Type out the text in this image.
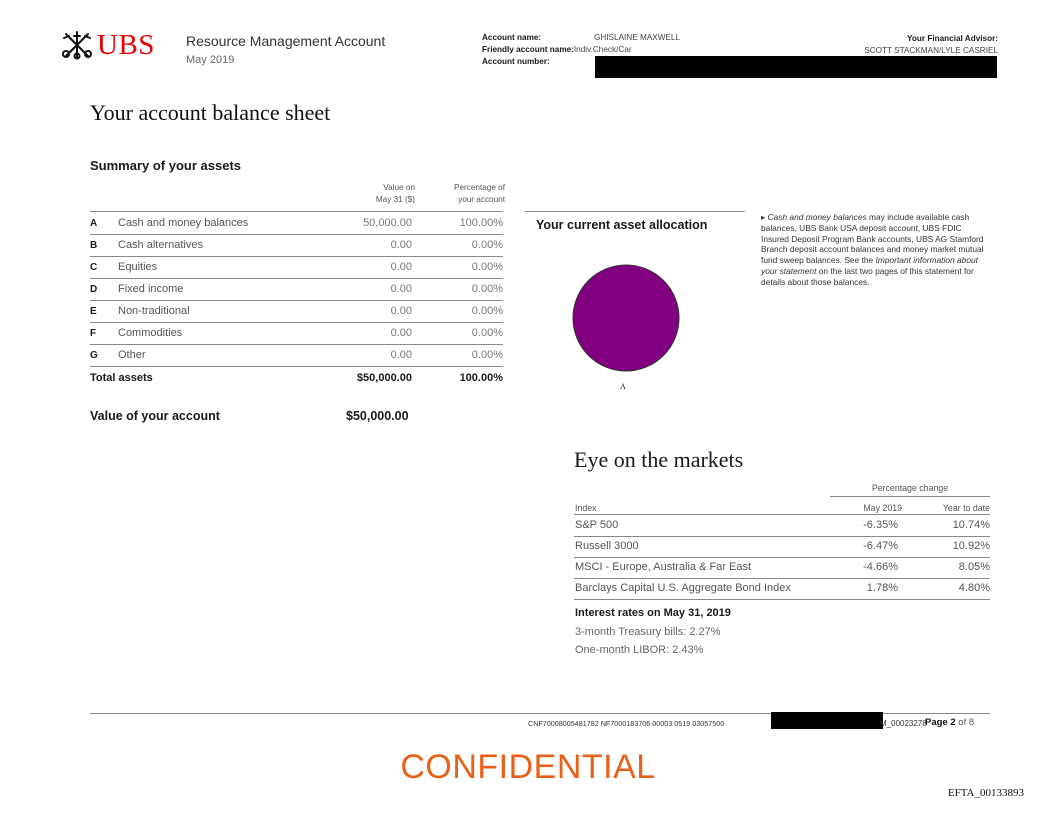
UBS Resource Management Account
May 2019
Account name:	GHISLAINE MAXWELL
Friendly account name:Indiv.Check/Car
Account number:
Your Financial Advisor:
SCOTT STACKMAN/LYLE CASRIEL
Your account balance sheet
Summary of your assets
Value on
May 31 ($)
Percentage of
your account
A Cash and money balances	50,000.00	100.00%
B Cash alternatives	0.00	0.00%
C Equities	0.00	0.00%
D Fixed income	0.00	0.00%
E Non-traditional	0.00	0.00%
F Commodities	0.00	0.00%
G Other	0.00	0.00%
Total assets	$50,000.00	100.00%
Value of your account	$50,000.00
Your current asset allocation
A
▸ Cash and money balances may include available cash balances, UBS Bank USA deposit account, UBS FDIC Insured Deposit Program Bank accounts, UBS AG Stamford Branch deposit account balances and money market mutual fund sweep balances. See the Important information about your statement on the last two pages of this statement for details about those balances.
Eye on the markets
Percentage change
Index	May 2019	Year to date
S&P 500	-6.35%	10.74%
Russell 3000	-6.47%	10.92%
MSCI - Europe, Australia & Far East	-4.66%	8.05%
Barclays Capital U.S. Aggregate Bond Index	1.78%	4.80%
Interest rates on May 31, 2019
3-month Treasury bills: 2.27%
One-month LIBOR: 2.43%
CNF70008005481782 NF7000183706 00003 0519 03057500	M_00023278
Page 2 of 8
CONFIDENTIAL
EFTA_00133893
